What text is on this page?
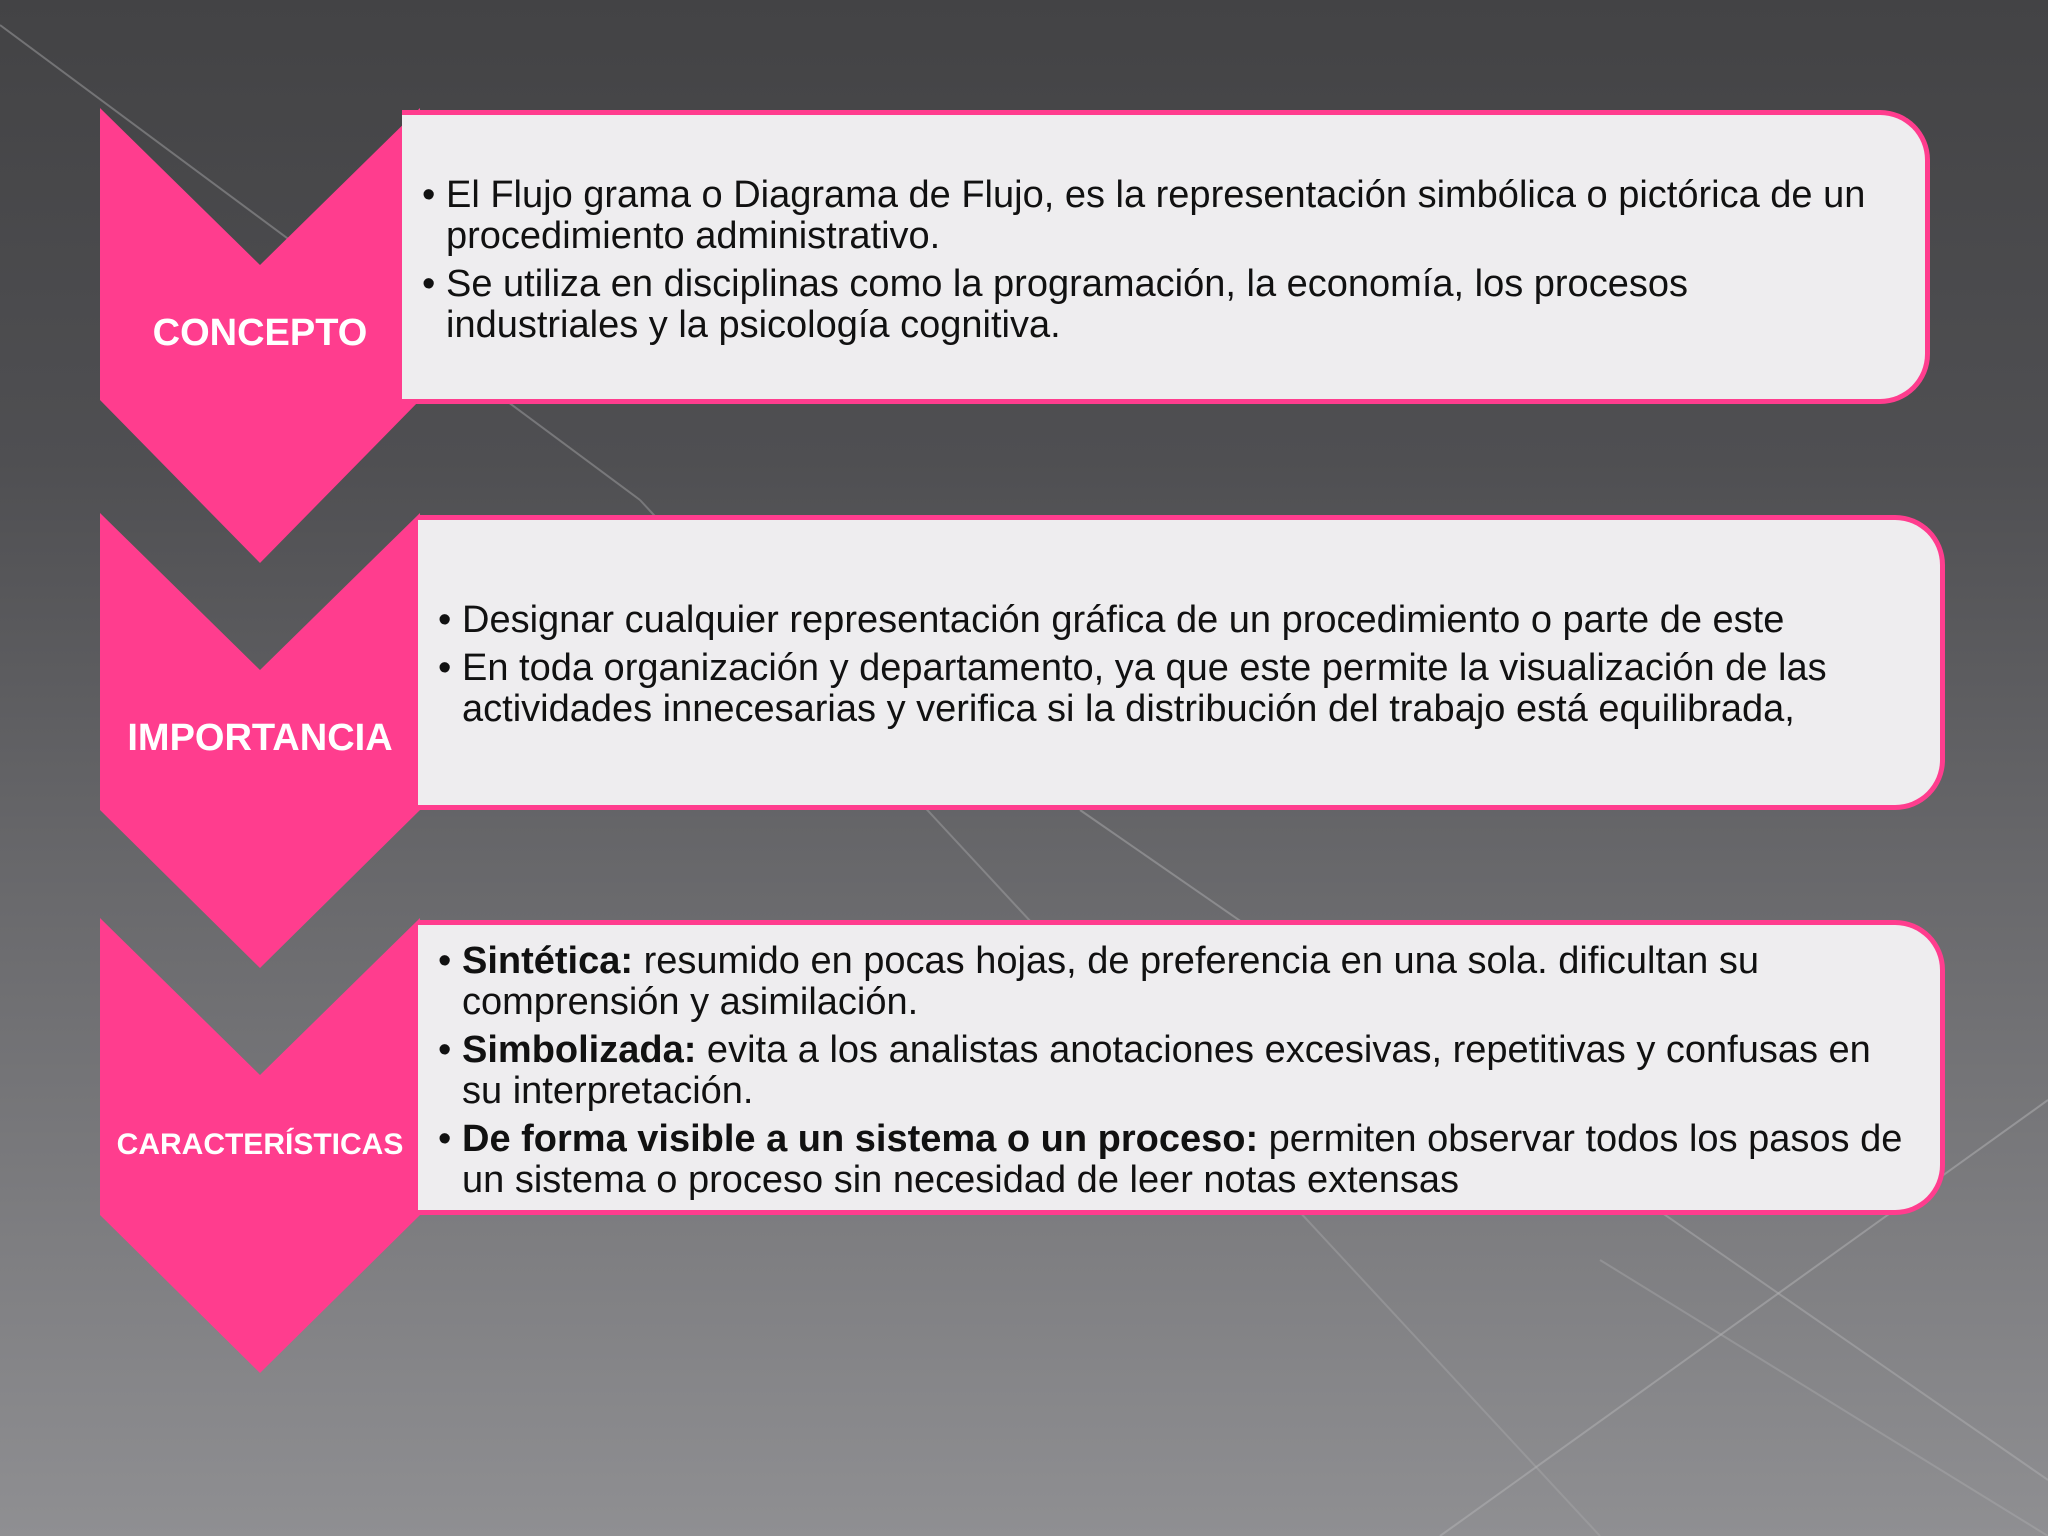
CONCEPTO
IMPORTANCIA
CARACTERÍSTICAS
• El Flujo grama o Diagrama de Flujo, es la representación simbólica o pictórica de un procedimiento administrativo.
• Se utiliza en disciplinas como la programación, la economía, los procesos industriales y la psicología cognitiva.
• Designar cualquier representación gráfica de un procedimiento o parte de este
• En toda organización y departamento, ya que este permite la visualización de las actividades innecesarias y verifica si la distribución del trabajo está equilibrada,
• Sintética: resumido en pocas hojas, de preferencia en una sola. dificultan su comprensión y asimilación.
• Simbolizada: evita a los analistas anotaciones excesivas, repetitivas y confusas en su interpretación.
• De forma visible a un sistema o un proceso: permiten observar todos los pasos de un sistema o proceso sin necesidad de leer notas extensas
